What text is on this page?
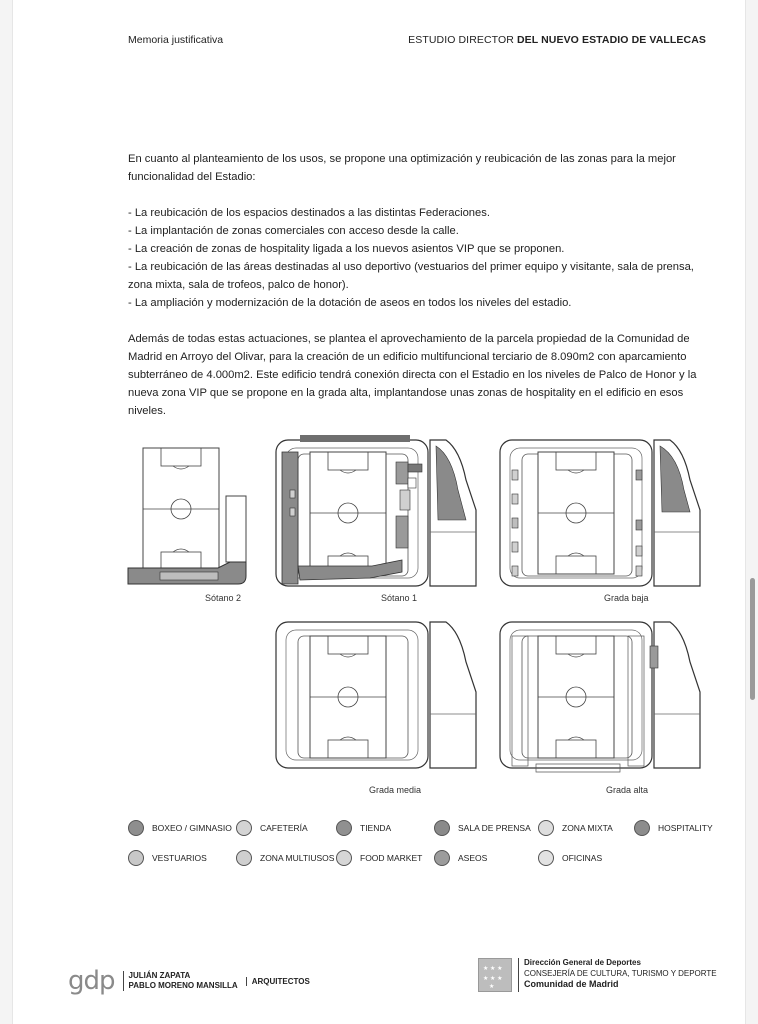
Memoria justificativa	ESTUDIO DIRECTOR DEL NUEVO ESTADIO DE VALLECAS

En cuanto al planteamiento de los usos, se propone una optimización y reubicación de las zonas para la mejor funcionalidad del Estadio:

- La reubicación de los espacios destinados a las distintas Federaciones.
- La implantación de zonas comerciales con acceso desde la calle.
- La creación de zonas de hospitality ligada a los nuevos asientos VIP que se proponen.
- La reubicación de las áreas destinadas al uso deportivo (vestuarios del primer equipo y visitante, sala de prensa, zona mixta, sala de trofeos, palco de honor).
- La ampliación y modernización de la dotación de aseos en todos los niveles del estadio.

Además de todas estas actuaciones, se plantea el aprovechamiento de la parcela propiedad de la Comunidad de Madrid en Arroyo del Olivar, para la creación de un edificio multifuncional terciario de 8.090m2 con aparcamiento subterráneo de 4.000m2. Este edificio tendrá conexión directa con el Estadio en los niveles de Palco de Honor y la nueva zona VIP que se propone en la grada alta, implantandose unas zonas de hospitality en el edificio en esos niveles.

Sótano 2	Sótano 1	Grada baja
Grada media	Grada alta
BOXEO / GIMNASIO	CAFETERÍA	TIENDA	SALA DE PRENSA	ZONA MIXTA	HOSPITALITY
VESTUARIOS	ZONA MULTIUSOS	FOOD MARKET	ASEOS	OFICINAS
gdp JULIÁN ZAPATA
PABLO MORENO MANSILLA	ARQUITECTOS
★ ★ ★
★ ★ ★
★
Dirección General de Deportes
CONSEJERÍA DE CULTURA, TURISMO Y DEPORTE
Comunidad de Madrid
